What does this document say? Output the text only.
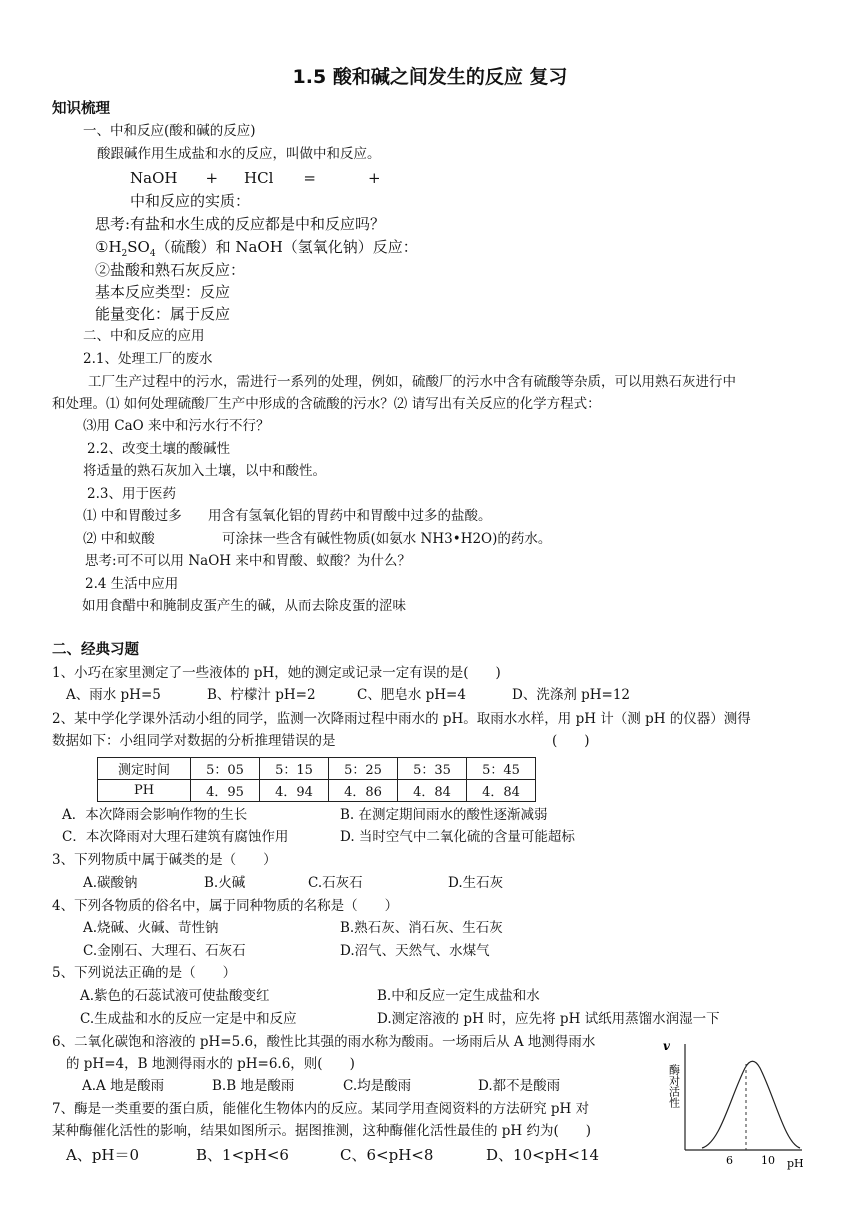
1.5 酸和碱之间发生的反应 复习
知识梳理
一、中和反应(酸和碱的反应)
酸跟碱作用生成盐和水的反应，叫做中和反应。
NaOH + HCl =	+
中和反应的实质：
思考:有盐和水生成的反应都是中和反应吗？
$①H_2SO_4$（硫酸）和 NaOH（氢氧化钠）反应：
②盐酸和熟石灰反应：
基本反应类型：反应
能量变化：属于反应
二、中和反应的应用
2.1、处理工厂的废水
工厂生产过程中的污水，需进行一系列的处理，例如，硫酸厂的污水中含有硫酸等杂质，可以用熟石灰进行中
和处理。⑴ 如何处理硫酸厂生产中形成的含硫酸的污水？⑵ 请写出有关反应的化学方程式：
⑶用 CaO 来中和污水行不行？
2.2、改变土壤的酸碱性
将适量的熟石灰加入土壤，以中和酸性。
2.3、用于医药
⑴ 中和胃酸过多 用含有氢氧化铝的胃药中和胃酸中过多的盐酸。
⑵ 中和蚁酸	可涂抹一些含有碱性物质(如氨水 NH3•H2O)的药水。
思考:可不可以用 NaOH 来中和胃酸、蚁酸？为什么？
2.4 生活中应用
如用食醋中和腌制皮蛋产生的碱，从而去除皮蛋的涩味
二、经典习题
1、小巧在家里测定了一些液体的 pH，她的测定或记录一定有误的是(　　)
A、雨水 pH=5	B、柠檬汁 pH=2	C、肥皂水 pH=4	D、洗涤剂 pH=12
2、某中学化学课外活动小组的同学，监测一次降雨过程中雨水的 pH。取雨水水样，用 pH 计（测 pH 的仪器）测得
数据如下：小组同学对数据的分析推理错误的是	(　　)
测定时间	5：05	5：15	5：25	5：35	5：45
PH	4．95	4．94	4．86	4．84	4．84
A．本次降雨会影响作物的生长	B. 在测定期间雨水的酸性逐渐减弱
C．本次降雨对大理石建筑有腐蚀作用	D. 当时空气中二氧化硫的含量可能超标
3、下列物质中属于碱类的是（　　）
A.碳酸钠	B.火碱	C.石灰石	D.生石灰
4、下列各物质的俗名中，属于同种物质的名称是（　　）
A.烧碱、火碱、苛性钠	B.熟石灰、消石灰、生石灰
C.金刚石、大理石、石灰石	D.沼气、天然气、水煤气
5、下列说法正确的是（　　）
A.紫色的石蕊试液可使盐酸变红	B.中和反应一定生成盐和水
C.生成盐和水的反应一定是中和反应	D.测定溶液的 pH 时，应先将 pH 试纸用蒸馏水润湿一下
6、二氧化碳饱和溶液的 pH=5.6，酸性比其强的雨水称为酸雨。一场雨后从 A 地测得雨水
的 pH=4，B 地测得雨水的 pH=6.6，则(　　)
A.A 地是酸雨	B.B 地是酸雨	C.均是酸雨	D.都不是酸雨
7、酶是一类重要的蛋白质，能催化生物体内的反应。某同学用查阅资料的方法研究 pH 对
某种酶催化活性的影响，结果如图所示。据图推测，这种酶催化活性最佳的 pH 约为(　　)
A、pH＝0	B、1<pH<6	C、6<pH<8	D、10<pH<14
v
酶对活性
6	10 pH
